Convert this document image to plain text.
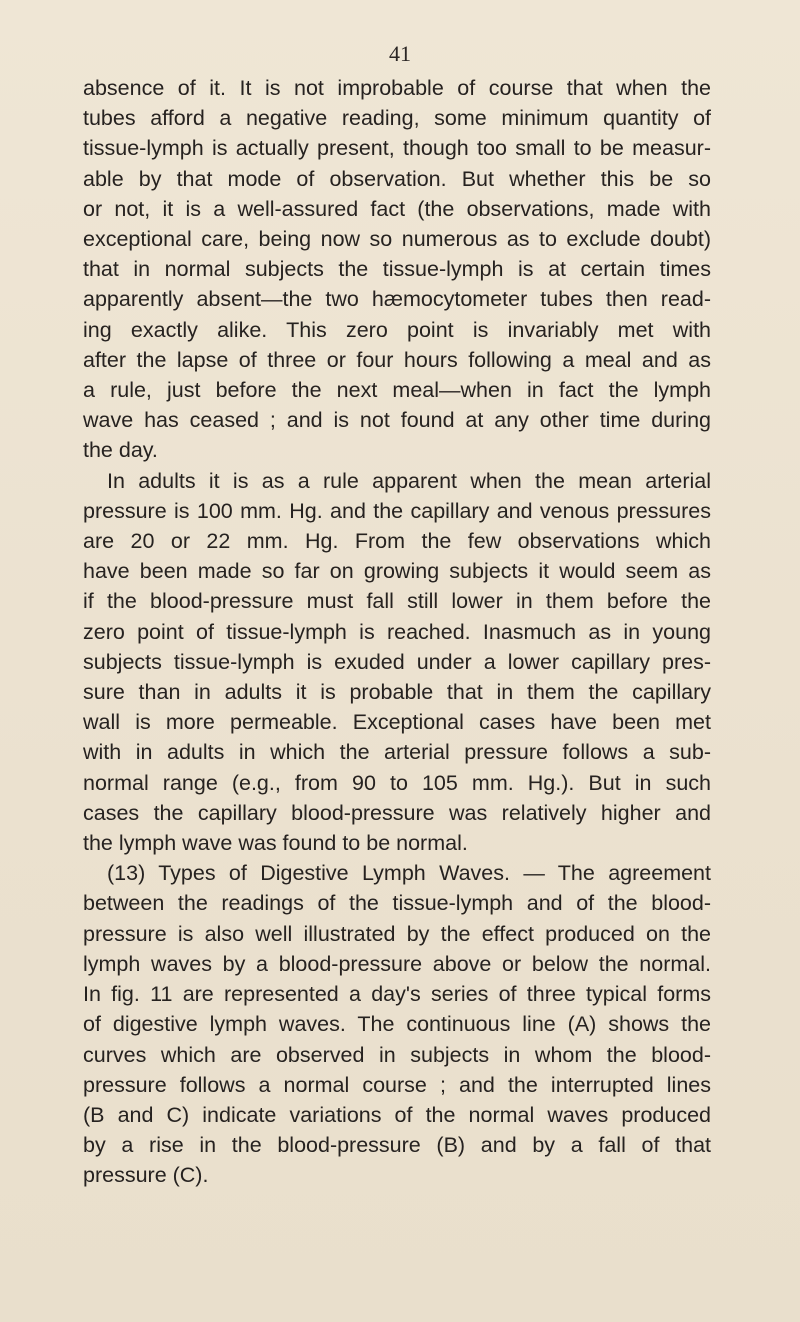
41
absence of it. It is not improbable of course that when the
tubes afford a negative reading, some minimum quantity of
tissue-lymph is actually present, though too small to be measur-
able by that mode of observation. But whether this be so
or not, it is a well-assured fact (the observations, made with
exceptional care, being now so numerous as to exclude doubt)
that in normal subjects the tissue-lymph is at certain times
apparently absent—the two hæmocytometer tubes then read-
ing exactly alike. This zero point is invariably met with
after the lapse of three or four hours following a meal and as
a rule, just before the next meal—when in fact the lymph
wave has ceased ; and is not found at any other time during
the day.
In adults it is as a rule apparent when the mean arterial
pressure is 100 mm. Hg. and the capillary and venous pressures
are 20 or 22 mm. Hg. From the few observations which
have been made so far on growing subjects it would seem as
if the blood-pressure must fall still lower in them before the
zero point of tissue-lymph is reached. Inasmuch as in young
subjects tissue-lymph is exuded under a lower capillary pres-
sure than in adults it is probable that in them the capillary
wall is more permeable. Exceptional cases have been met
with in adults in which the arterial pressure follows a sub-
normal range (e.g., from 90 to 105 mm. Hg.). But in such
cases the capillary blood-pressure was relatively higher and
the lymph wave was found to be normal.
(13) Types of Digestive Lymph Waves. — The agreement
between the readings of the tissue-lymph and of the blood-
pressure is also well illustrated by the effect produced on the
lymph waves by a blood-pressure above or below the normal.
In fig. 11 are represented a day's series of three typical forms
of digestive lymph waves. The continuous line (A) shows the
curves which are observed in subjects in whom the blood-
pressure follows a normal course ; and the interrupted lines
(B and C) indicate variations of the normal waves produced
by a rise in the blood-pressure (B) and by a fall of that
pressure (C).
